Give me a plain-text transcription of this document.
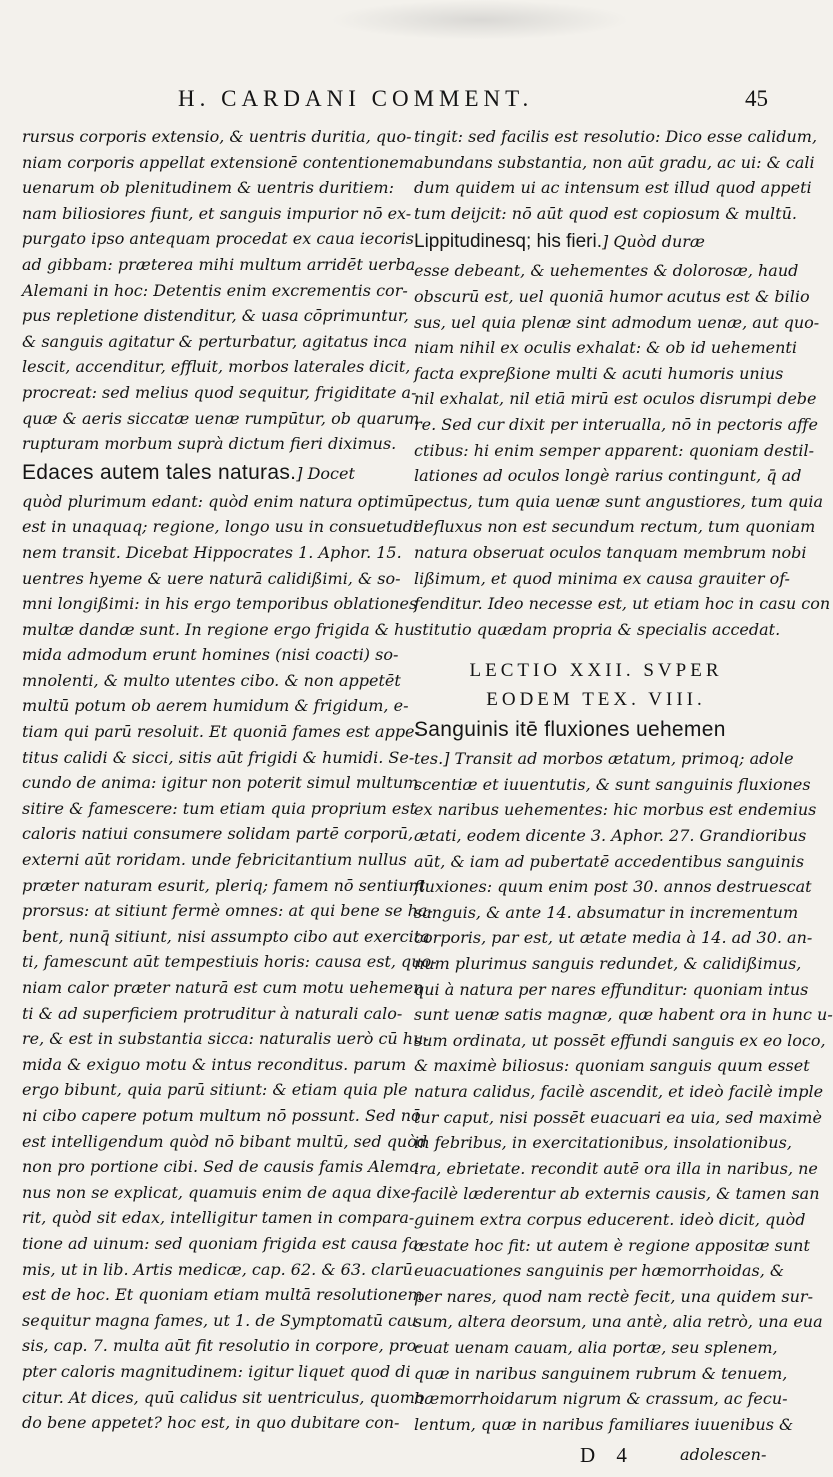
H. CARDANI COMMENT.	45
rursus corporis extensio, & uentris duritia, quo-
niam corporis appellat extensionē contentionem
uenarum ob plenitudinem & uentris duritiem:
nam biliosiores fiunt, et sanguis impurior nō ex-
purgato ipso antequam procedat ex caua iecoris
ad gibbam: præterea mihi multum arridēt uerba
Alemani in hoc: Detentis enim excrementis cor-
pus repletione distenditur, & uasa cōprimuntur,
& sanguis agitatur & perturbatur, agitatus inca
lescit, accenditur, effluit, morbos laterales dicit,
procreat: sed melius quod sequitur, frigiditate a-
quæ & aeris siccatæ uenæ rumpūtur, ob quarum
rupturam morbum suprà dictum fieri diximus.
Edaces autem tales naturas.] Docet
quòd plurimum edant: quòd enim natura optimū
est in unaquaq; regione, longo usu in consuetudi
nem transit. Dicebat Hippocrates 1. Aphor. 15.
uentres hyeme & uere naturā calidißimi, & so-
mni longißimi: in his ergo temporibus oblationes
multæ dandæ sunt. In regione ergo frigida & hu
mida admodum erunt homines (nisi coacti) so-
mnolenti, & multo utentes cibo. & non appetēt
multū potum ob aerem humidum & frigidum, e-
tiam qui parū resoluit. Et quoniā fames est appe-
titus calidi & sicci, sitis aūt frigidi & humidi. Se-
cundo de anima: igitur non poterit simul multum
sitire & famescere: tum etiam quia proprium est
caloris natiui consumere solidam partē corporū,
externi aūt roridam. unde febricitantium nullus
præter naturam esurit, pleriq; famem nō sentiunt
prorsus: at sitiunt fermè omnes: at qui bene se ha-
bent, nunq̄ sitiunt, nisi assumpto cibo aut exercita
ti, famescunt aūt tempestiuis horis: causa est, quo-
niam calor præter naturā est cum motu uehemen
ti & ad superficiem protruditur à naturali calo-
re, & est in substantia sicca: naturalis uerò cū hu-
mida & exiguo motu & intus reconditus. parum
ergo bibunt, quia parū sitiunt: & etiam quia ple
ni cibo capere potum multum nō possunt. Sed nō
est intelligendum quòd nō bibant multū, sed quòd
non pro portione cibi. Sed de causis famis Alema
nus non se explicat, quamuis enim de aqua dixe-
rit, quòd sit edax, intelligitur tamen in compara-
tione ad uinum: sed quoniam frigida est causa fa-
mis, ut in lib. Artis medicæ, cap. 62. & 63. clarū
est de hoc. Et quoniam etiam multā resolutionem
sequitur magna fames, ut 1. de Symptomatū cau
sis, cap. 7. multa aūt fit resolutio in corpore, pro-
pter caloris magnitudinem: igitur liquet quod di
citur. At dices, quū calidus sit uentriculus, quomo
do bene appetet? hoc est, in quo dubitare con-
tingit: sed facilis est resolutio: Dico esse calidum,
abundans substantia, non aūt gradu, ac ui: & cali
dum quidem ui ac intensum est illud quod appeti
tum deijcit: nō aūt quod est copiosum & multū.
Lippitudinesq; his fieri.] Quòd duræ
esse debeant, & uehementes & dolorosæ, haud
obscurū est, uel quoniā humor acutus est & bilio
sus, uel quia plenæ sint admodum uenæ, aut quo-
niam nihil ex oculis exhalat: & ob id uehementi
facta expreßione multi & acuti humoris unius
nil exhalat, nil etiā mirū est oculos disrumpi debe
re. Sed cur dixit per interualla, nō in pectoris affe
ctibus: hi enim semper apparent: quoniam destil-
lationes ad oculos longè rarius contingunt, q̄ ad
pectus, tum quia uenæ sunt angustiores, tum quia
defluxus non est secundum rectum, tum quoniam
natura obseruat oculos tanquam membrum nobi
lißimum, et quod minima ex causa grauiter of-
fenditur. Ideo necesse est, ut etiam hoc in casu con
stitutio quædam propria & specialis accedat.
LECTIO XXII. SVPER
EODEM TEX. VIII.
Sanguinis itē fluxiones uehemen
tes.] Transit ad morbos ætatum, primoq; adole
scentiæ et iuuentutis, & sunt sanguinis fluxiones
ex naribus uehementes: hic morbus est endemius
ætati, eodem dicente 3. Aphor. 27. Grandioribus
aūt, & iam ad pubertatē accedentibus sanguinis
fluxiones: quum enim post 30. annos destruescat
sanguis, & ante 14. absumatur in incrementum
corporis, par est, ut ætate media à 14. ad 30. an-
num plurimus sanguis redundet, & calidißimus,
qui à natura per nares effunditur: quoniam intus
sunt uenæ satis magnæ, quæ habent ora in hunc u-
sum ordinata, ut possēt effundi sanguis ex eo loco,
& maximè biliosus: quoniam sanguis quum esset
natura calidus, facilè ascendit, et ideò facilè imple
tur caput, nisi possēt euacuari ea uia, sed maximè
in febribus, in exercitationibus, insolationibus,
ira, ebrietate. recondit autē ora illa in naribus, ne
facilè læderentur ab externis causis, & tamen san
guinem extra corpus educerent. ideò dicit, quòd
æstate hoc fit: ut autem è regione appositæ sunt
euacuationes sanguinis per hæmorrhoidas, &
per nares, quod nam rectè fecit, una quidem sur-
sum, altera deorsum, una antè, alia retrò, una eua
cuat uenam cauam, alia portæ, seu splenem,
quæ in naribus sanguinem rubrum & tenuem,
hæmorrhoidarum nigrum & crassum, ac fecu-
lentum, quæ in naribus familiares iuuenibus &
D 4	adolescen-
